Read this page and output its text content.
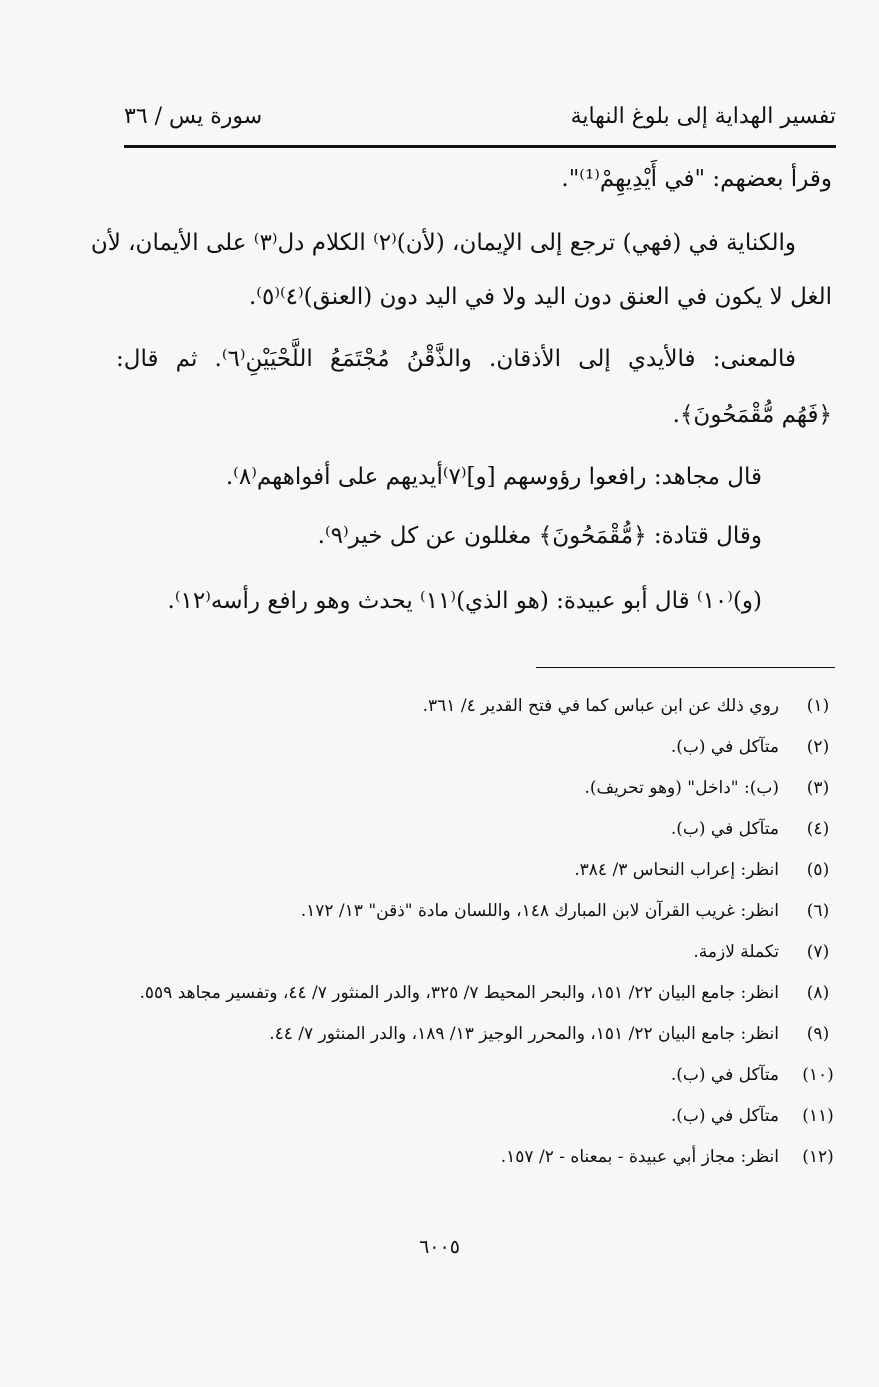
تفسير الهداية إلى بلوغ النهاية
سورة يس / ٣٦
وقرأ بعضهم: "في أَيْدِيهِمْ⁽¹⁾".
والكناية في (فهي) ترجع إلى الإيمان، (لأن)⁽٢⁾ الكلام دل⁽٣⁾ على الأيمان، لأن
الغل لا يكون في العنق دون اليد ولا في اليد دون (العنق)⁽٤⁾⁽٥⁾.
فالمعنى: فالأيدي إلى الأذقان. والذَّقْنُ مُجْتَمَعُ اللَّحْيَيْنِ⁽٦⁾. ثم قال:
﴿فَهُم مُّقْمَحُونَ﴾.
قال مجاهد: رافعوا رؤوسهم [و]⁽٧⁾أيديهم على أفواههم⁽٨⁾.
وقال قتادة: ﴿مُّقْمَحُونَ﴾ مغللون عن كل خير⁽٩⁾.
(و)⁽١٠⁾ قال أبو عبيدة: (هو الذي)⁽١١⁾ يحدث وهو رافع رأسه⁽١٢⁾.
(١)
روي ذلك عن ابن عباس كما في فتح القدير ٤/ ٣٦١.
(٢)
متآكل في (ب).
(٣)
(ب): "داخل" (وهو تحريف).
(٤)
متآكل في (ب).
(٥)
انظر: إعراب النحاس ٣/ ٣٨٤.
(٦)
انظر: غريب القرآن لابن المبارك ١٤٨، واللسان مادة "ذقن" ١٣/ ١٧٢.
(٧)
تكملة لازمة.
(٨)
انظر: جامع البيان ٢٢/ ١٥١، والبحر المحيط ٧/ ٣٢٥، والدر المنثور ٧/ ٤٤، وتفسير مجاهد ٥٥٩.
(٩)
انظر: جامع البيان ٢٢/ ١٥١، والمحرر الوجيز ١٣/ ١٨٩، والدر المنثور ٧/ ٤٤.
(١٠)
متآكل في (ب).
(١١)
متآكل في (ب).
(١٢)
انظر: مجاز أبي عبيدة - بمعناه - ٢/ ١٥٧.
٦٠٠٥
